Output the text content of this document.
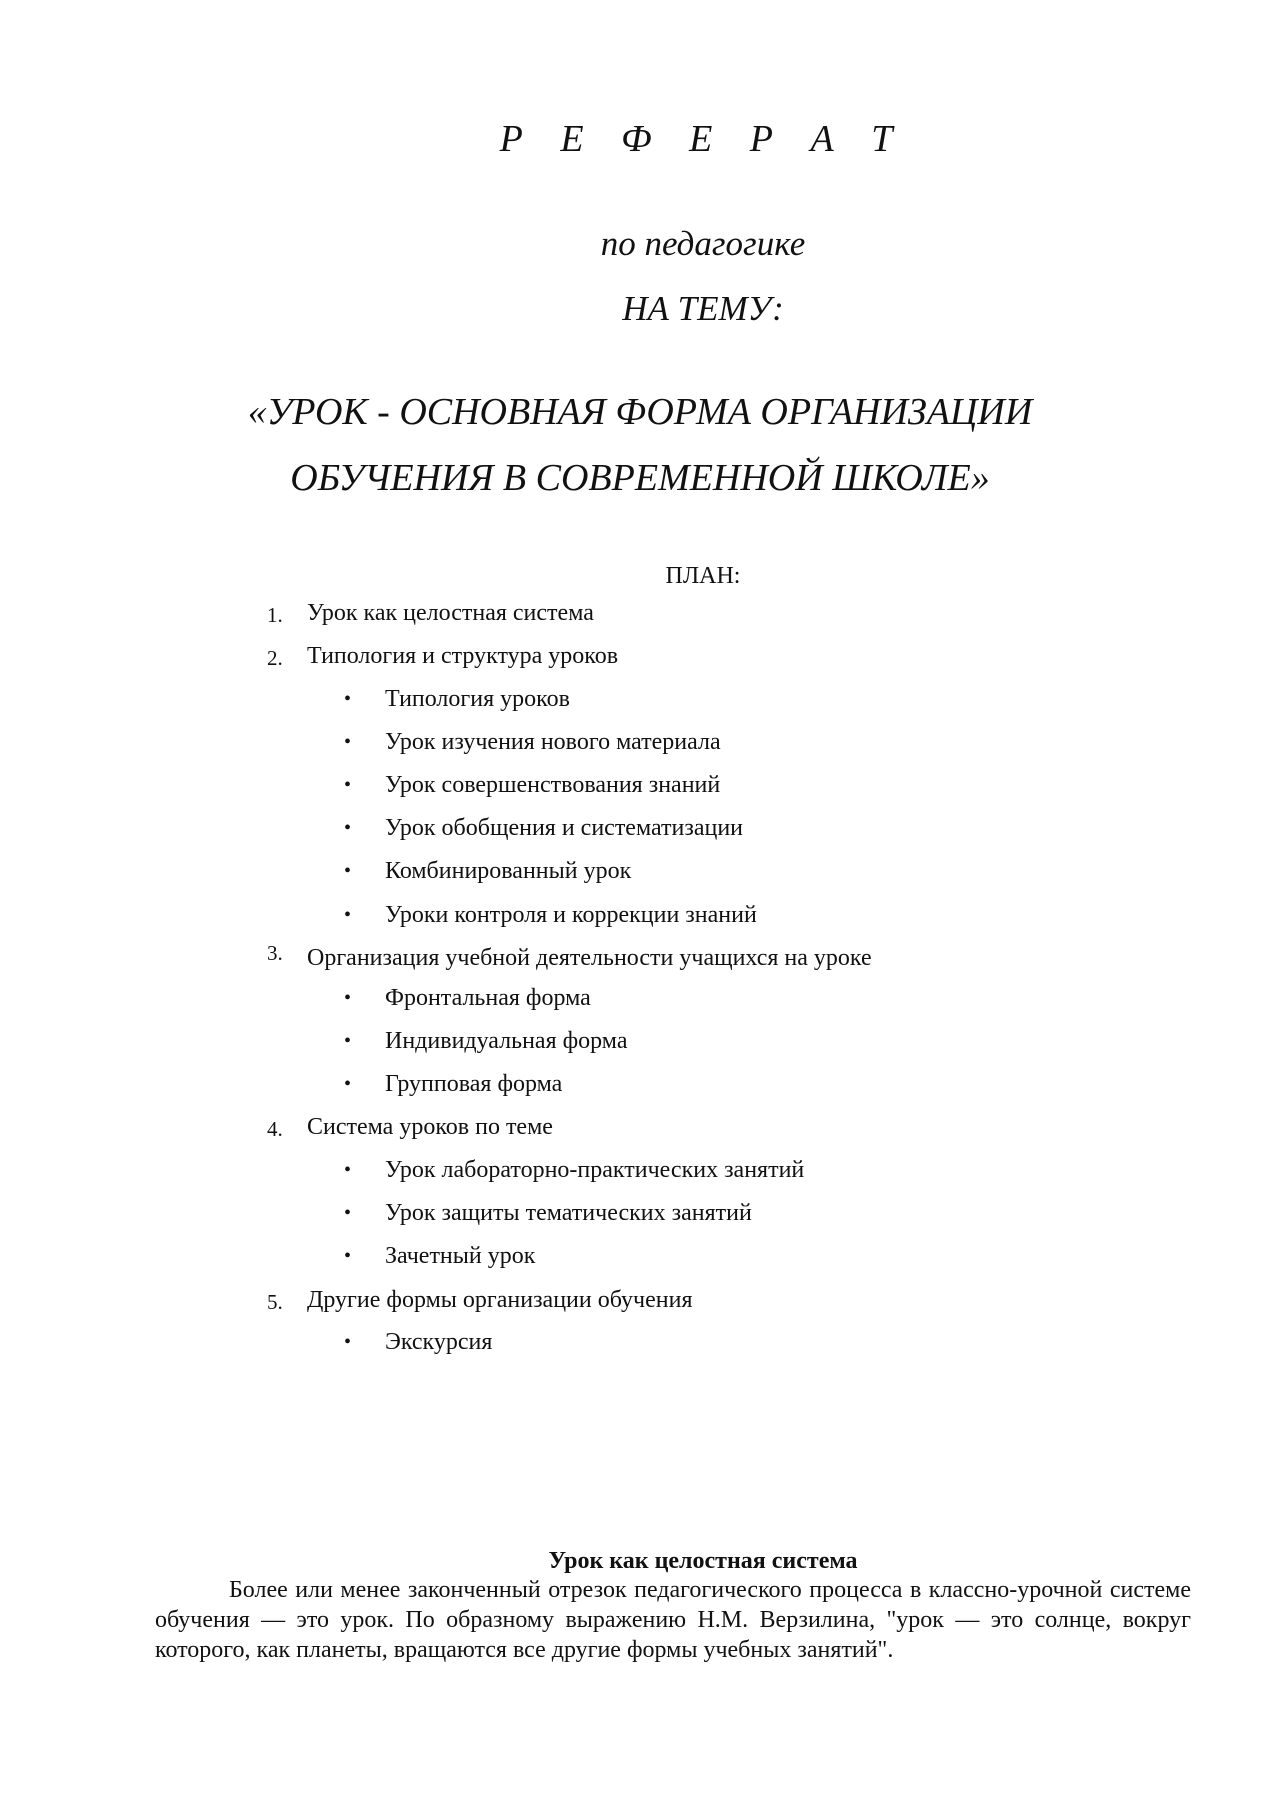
Р Е Ф Е Р А Т
по педагогике
НА ТЕМУ:
«УРОК - ОСНОВНАЯ ФОРМА ОРГАНИЗАЦИИ
ОБУЧЕНИЯ В СОВРЕМЕННОЙ ШКОЛЕ»
ПЛАН:
1. Урок как целостная система
2. Типология и структура уроков
• Типология уроков
• Урок изучения нового материала
• Урок совершенствования знаний
• Урок обобщения и систематизации
• Комбинированный урок
• Уроки контроля и коррекции знаний
3. Организация учебной деятельности учащихся на уроке
• Фронтальная форма
• Индивидуальная форма
• Групповая форма
4. Система уроков по теме
• Урок лабораторно-практических занятий
• Урок защиты тематических занятий
• Зачетный урок
5. Другие формы организации обучения
• Экскурсия
Урок как целостная система

Более или менее законченный отрезок педагогического процесса в классно-урочной системе обучения — это урок. По образному выражению Н.М. Верзилина, "урок — это солнце, вокруг которого, как планеты, вращаются все другие формы учебных занятий".
